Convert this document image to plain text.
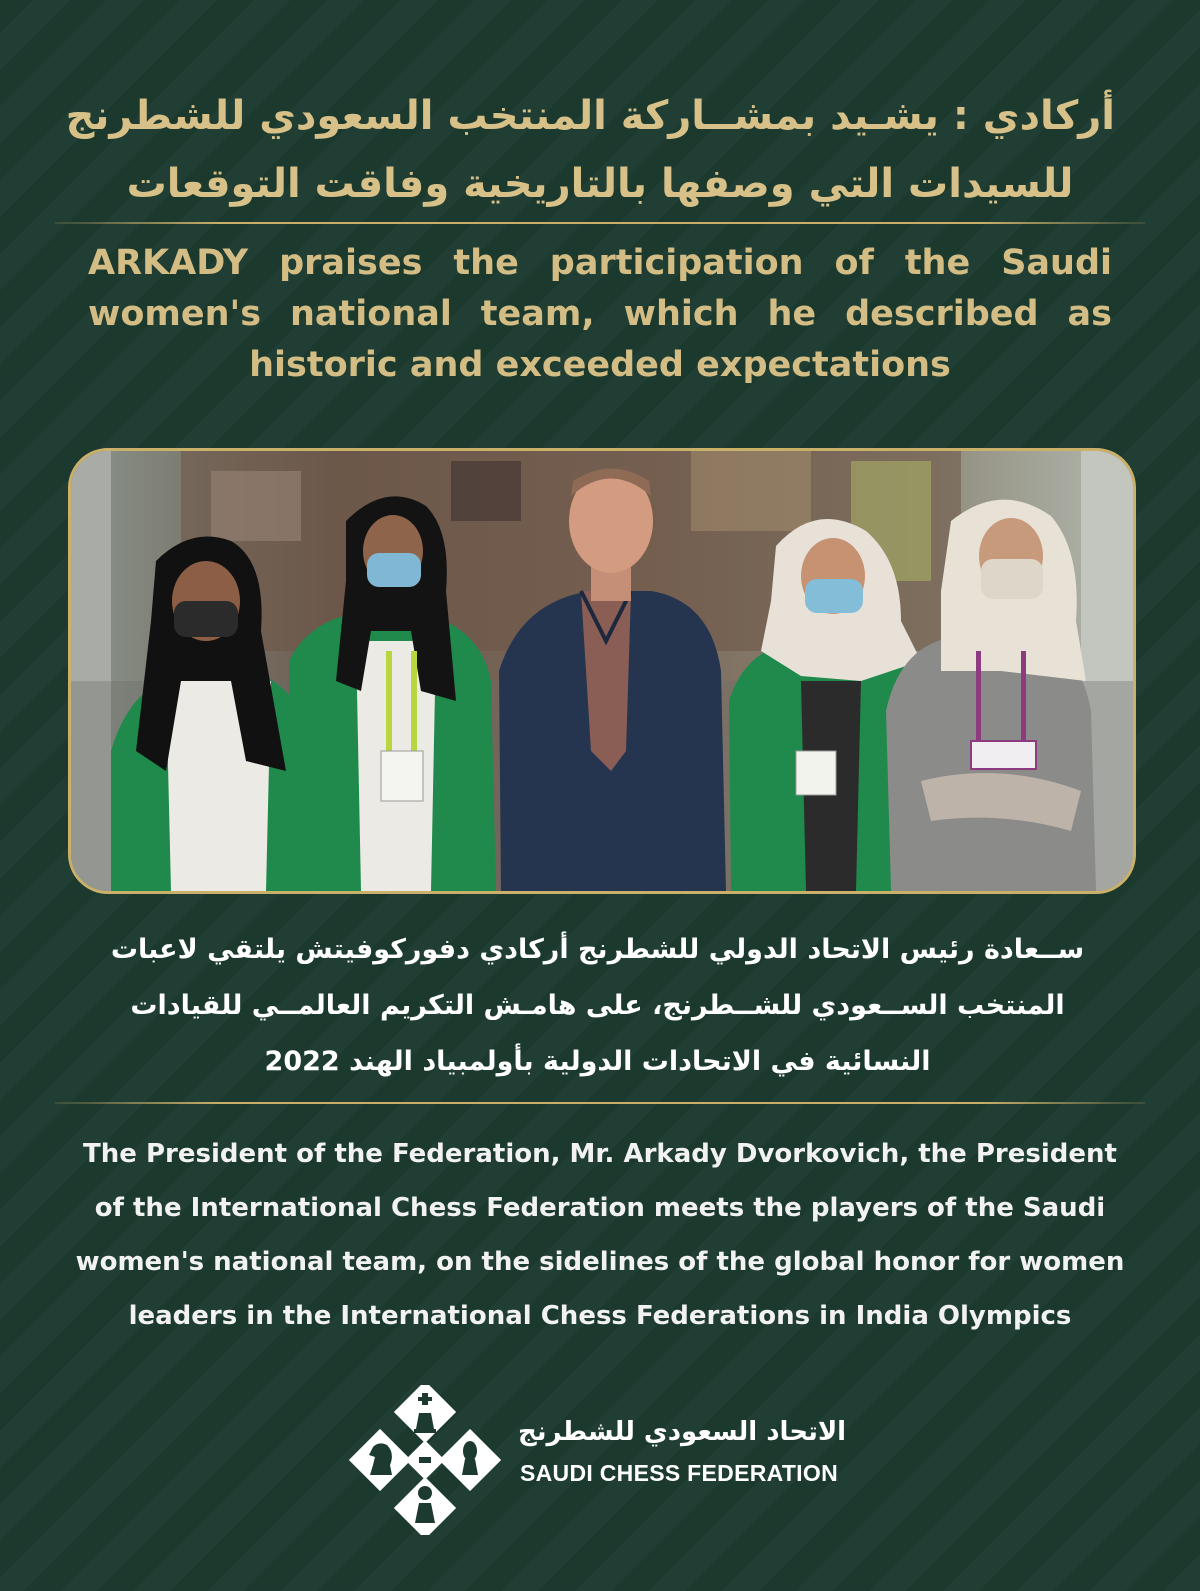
أركادي : يشـيد بمشــاركة المنتخب السعودي للشطرنج
للسيدات التي وصفها بالتاريخية وفاقت التوقعات
ARKADY praises the participation of the Saudi women's national team, which he described as historic and exceeded expectations
ســعادة رئيس الاتحاد الدولي للشطرنج أركادي دفوركوفيتش يلتقي لاعبات
المنتخب الســعودي للشــطرنج، على هامـش التكريم العالمــي للقيادات
النسائية في الاتحادات الدولية بأولمبياد الهند 2022
The President of the Federation, Mr. Arkady Dvorkovich, the President of the International Chess Federation meets the players of the Saudi women's national team, on the sidelines of the global honor for women leaders in the International Chess Federations in India Olympics
الاتحاد السعودي للشطرنج
SAUDI CHESS FEDERATION
